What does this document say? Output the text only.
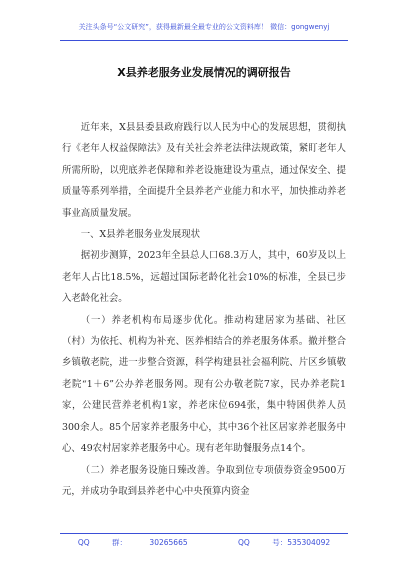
关注头条号“公文研究”，获得最新最全最专业的公文资料库！ 微信：gongwenyj
X县养老服务业发展情况的调研报告

近年来，X县县委县政府践行以人民为中心的发展思想，贯彻执行《老年人权益保障法》及有关社会养老法律法规政策，紧盯老年人所需所盼，以兜底养老保障和养老设施建设为重点，通过保安全、提质量等系列举措，全面提升全县养老产业能力和水平，加快推动养老事业高质量发展。

一、X县养老服务业发展现状

据初步测算，2023年全县总人口68.3万人，其中，60岁及以上老年人占比18.5%，远超过国际老龄化社会10%的标准，全县已步入老龄化社会。

（一）养老机构布局逐步优化。推动构建居家为基础、社区（村）为依托、机构为补充、医养相结合的养老服务体系。撤并整合乡镇敬老院，进一步整合资源，科学构建县社会福利院、片区乡镇敬老院“1＋6”公办养老服务网。现有公办敬老院7家，民办养老院1家，公建民营养老机构1家，养老床位694张，集中特困供养人员300余人。85个居家养老服务中心，其中36个社区居家养老服务中心、49农村居家养老服务中心。现有老年助餐服务点14个。

（二）养老服务设施日臻改善。争取到位专项债券资金9500万元，并成功争取到县养老中心中央预算内资金

QQ 群： 30265665	QQ 号：535304092
